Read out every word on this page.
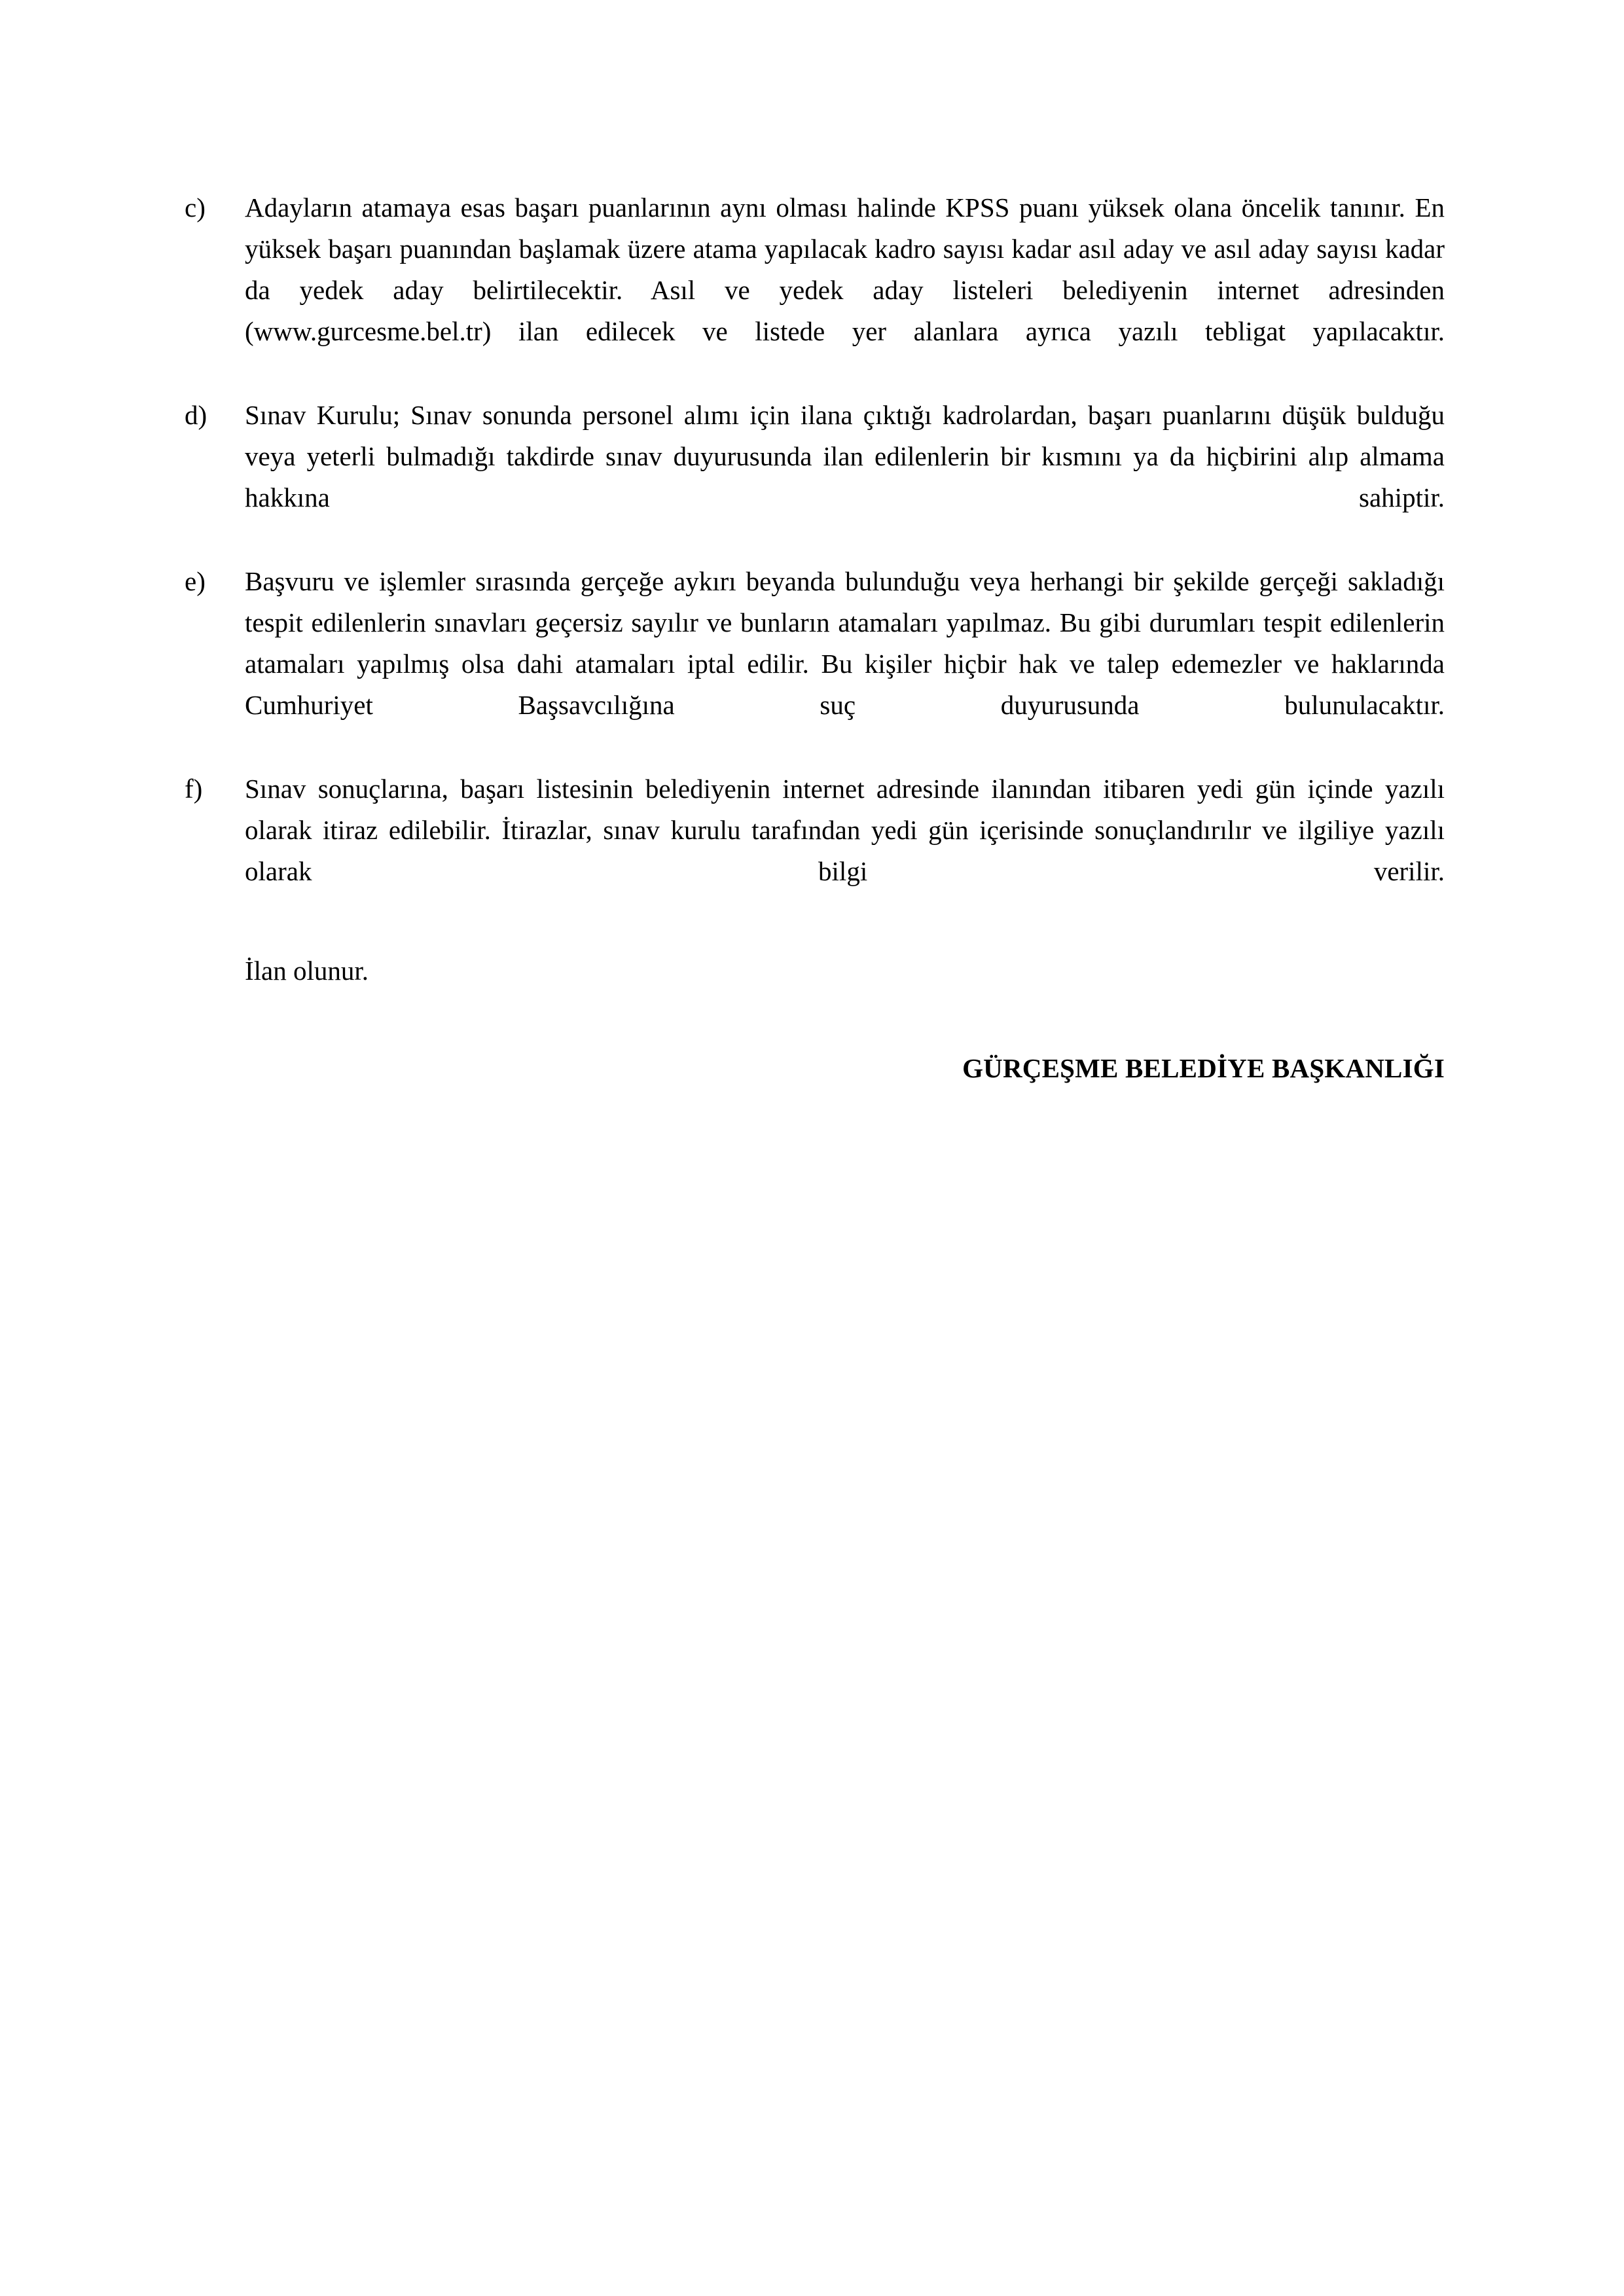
c)	Adayların atamaya esas başarı puanlarının aynı olması halinde KPSS puanı yüksek olana öncelik tanınır. En yüksek başarı puanından başlamak üzere atama yapılacak kadro sayısı kadar asıl aday ve asıl aday sayısı kadar da yedek aday belirtilecektir. Asıl ve yedek aday listeleri belediyenin internet adresinden (www.gurcesme.bel.tr) ilan edilecek ve listede yer alanlara ayrıca yazılı tebligat yapılacaktır.
d)	Sınav Kurulu; Sınav sonunda personel alımı için ilana çıktığı kadrolardan, başarı puanlarını düşük bulduğu veya yeterli bulmadığı takdirde sınav duyurusunda ilan edilenlerin bir kısmını ya da hiçbirini alıp almama hakkına sahiptir.
e)	Başvuru ve işlemler sırasında gerçeğe aykırı beyanda bulunduğu veya herhangi bir şekilde gerçeği sakladığı tespit edilenlerin sınavları geçersiz sayılır ve bunların atamaları yapılmaz. Bu gibi durumları tespit edilenlerin atamaları yapılmış olsa dahi atamaları iptal edilir. Bu kişiler hiçbir hak ve talep edemezler ve haklarında Cumhuriyet Başsavcılığına suç duyurusunda bulunulacaktır.
f)	Sınav sonuçlarına, başarı listesinin belediyenin internet adresinde ilanından itibaren yedi gün içinde yazılı olarak itiraz edilebilir. İtirazlar, sınav kurulu tarafından yedi gün içerisinde sonuçlandırılır ve ilgiliye yazılı olarak bilgi verilir.
İlan olunur.
GÜRÇEŞME BELEDİYE BAŞKANLIĞI
